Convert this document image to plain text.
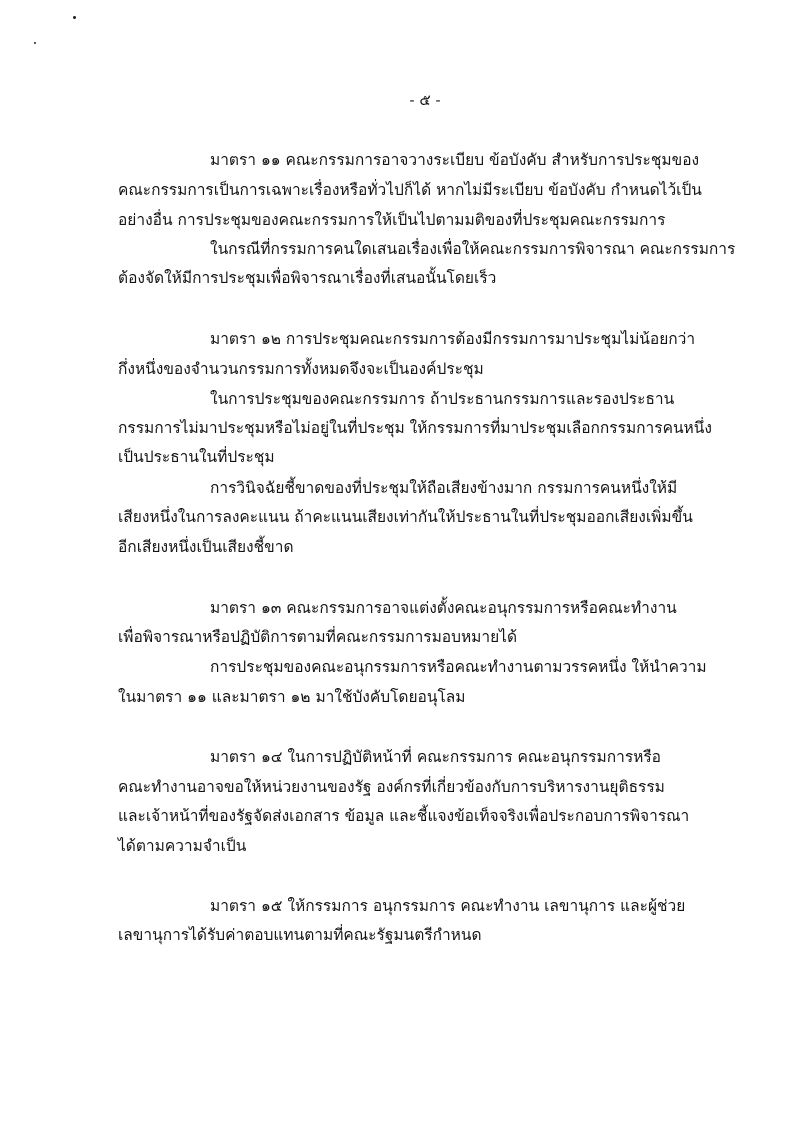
- ๕ -
มาตรา ๑๑ คณะกรรมการอาจวางระเบียบ ข้อบังคับ สำหรับการประชุมของ
คณะกรรมการเป็นการเฉพาะเรื่องหรือทั่วไปก็ได้ หากไม่มีระเบียบ ข้อบังคับ กำหนดไว้เป็น
อย่างอื่น การประชุมของคณะกรรมการให้เป็นไปตามมติของที่ประชุมคณะกรรมการ
ในกรณีที่กรรมการคนใดเสนอเรื่องเพื่อให้คณะกรรมการพิจารณา คณะกรรมการ
ต้องจัดให้มีการประชุมเพื่อพิจารณาเรื่องที่เสนอนั้นโดยเร็ว
มาตรา ๑๒ การประชุมคณะกรรมการต้องมีกรรมการมาประชุมไม่น้อยกว่า
กึ่งหนึ่งของจำนวนกรรมการทั้งหมดจึงจะเป็นองค์ประชุม
ในการประชุมของคณะกรรมการ ถ้าประธานกรรมการและรองประธาน
กรรมการไม่มาประชุมหรือไม่อยู่ในที่ประชุม ให้กรรมการที่มาประชุมเลือกกรรมการคนหนึ่ง
เป็นประธานในที่ประชุม
การวินิจฉัยชี้ขาดของที่ประชุมให้ถือเสียงข้างมาก กรรมการคนหนึ่งให้มี
เสียงหนึ่งในการลงคะแนน ถ้าคะแนนเสียงเท่ากันให้ประธานในที่ประชุมออกเสียงเพิ่มขึ้น
อีกเสียงหนึ่งเป็นเสียงชี้ขาด
มาตรา ๑๓ คณะกรรมการอาจแต่งตั้งคณะอนุกรรมการหรือคณะทำงาน
เพื่อพิจารณาหรือปฏิบัติการตามที่คณะกรรมการมอบหมายได้
การประชุมของคณะอนุกรรมการหรือคณะทำงานตามวรรคหนึ่ง ให้นำความ
ในมาตรา ๑๑ และมาตรา ๑๒ มาใช้บังคับโดยอนุโลม
มาตรา ๑๔ ในการปฏิบัติหน้าที่ คณะกรรมการ คณะอนุกรรมการหรือ
คณะทำงานอาจขอให้หน่วยงานของรัฐ องค์กรที่เกี่ยวข้องกับการบริหารงานยุติธรรม
และเจ้าหน้าที่ของรัฐจัดส่งเอกสาร ข้อมูล และชี้แจงข้อเท็จจริงเพื่อประกอบการพิจารณา
ได้ตามความจำเป็น
มาตรา ๑๕ ให้กรรมการ อนุกรรมการ คณะทำงาน เลขานุการ และผู้ช่วย
เลขานุการได้รับค่าตอบแทนตามที่คณะรัฐมนตรีกำหนด
